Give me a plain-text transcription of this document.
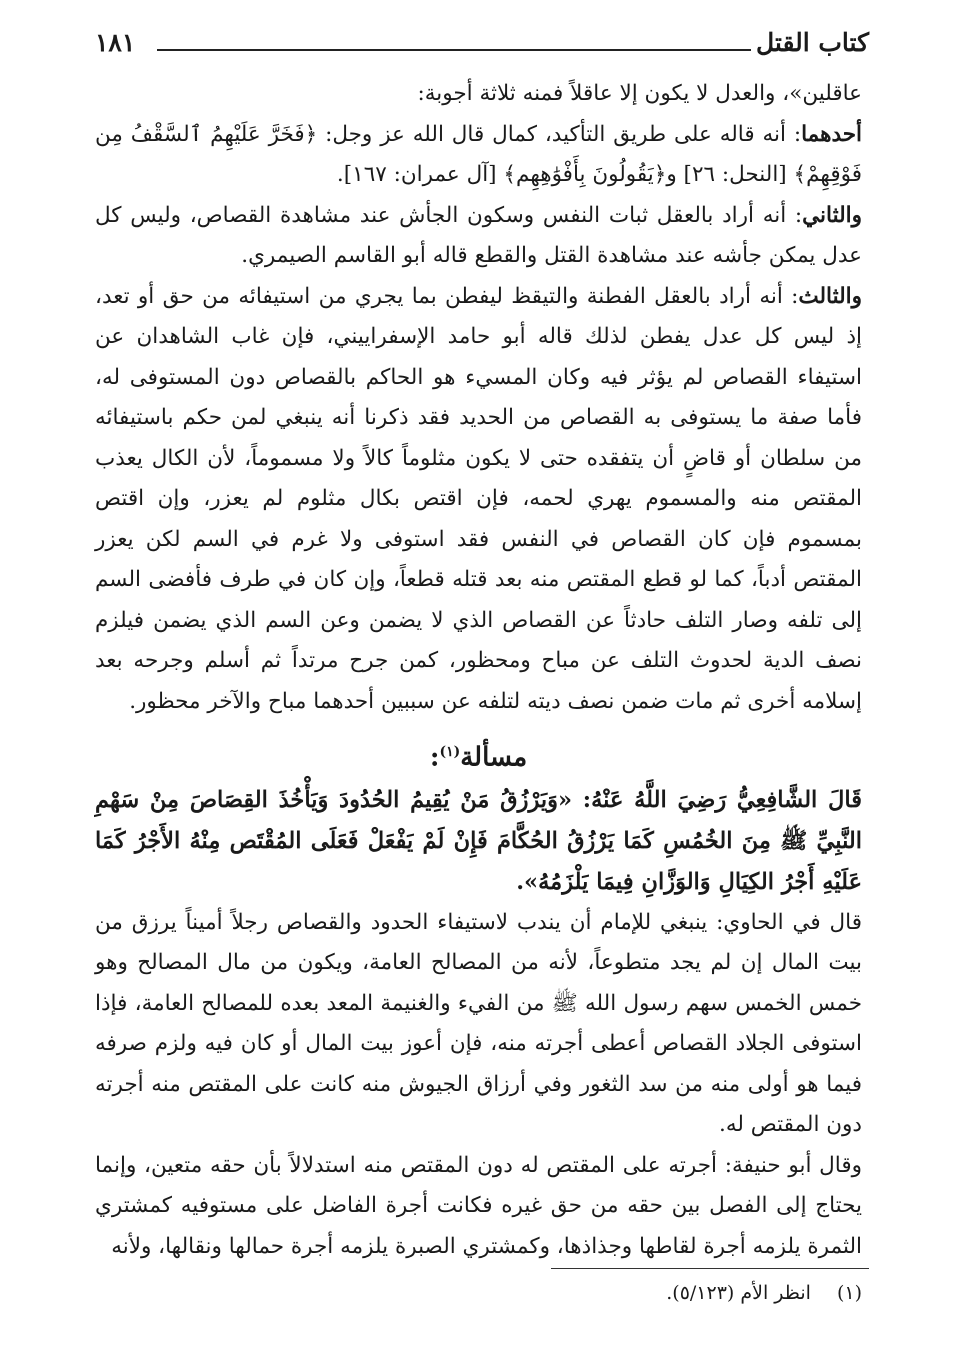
كتاب القتل
١٨١

عاقلين»، والعدل لا يكون إلا عاقلاً فمنه ثلاثة أجوبة:

أحدهما: أنه قاله على طريق التأكيد، كمال قال الله عز وجل: ﴿فَخَرَّ عَلَيْهِمُ ٱلسَّقْفُ مِن فَوْقِهِمْ﴾ [النحل: ٢٦] و﴿يَقُولُونَ بِأَفْوَٰهِهِم﴾ [آل عمران: ١٦٧].

والثاني: أنه أراد بالعقل ثبات النفس وسكون الجأش عند مشاهدة القصاص، وليس كل عدل يمكن جأشه عند مشاهدة القتل والقطع قاله أبو القاسم الصيمري.

والثالث: أنه أراد بالعقل الفطنة والتيقظ ليفطن بما يجري من استيفائه من حق أو تعد، إذ ليس كل عدل يفطن لذلك قاله أبو حامد الإسفراييني، فإن غاب الشاهدان عن استيفاء القصاص لم يؤثر فيه وكان المسيء هو الحاكم بالقصاص دون المستوفى له، فأما صفة ما يستوفى به القصاص من الحديد فقد ذكرنا أنه ينبغي لمن حكم باستيفائه من سلطان أو قاضٍ أن يتفقده حتى لا يكون مثلوماً كالاً ولا مسموماً، لأن الكال يعذب المقتص منه والمسموم يهري لحمه، فإن اقتص بكال مثلوم لم يعزر، وإن اقتص بمسموم فإن كان القصاص في النفس فقد استوفى ولا غرم في السم لكن يعزر المقتص أدباً، كما لو قطع المقتص منه بعد قتله قطعاً، وإن كان في طرف فأفضى السم إلى تلفه وصار التلف حادثاً عن القصاص الذي لا يضمن وعن السم الذي يضمن فيلزم نصف الدية لحدوث التلف عن مباح ومحظور، كمن جرح مرتداً ثم أسلم وجرحه بعد إسلامه أخرى ثم مات ضمن نصف ديته لتلفه عن سببين أحدهما مباح والآخر محظور.

مسألة$^{(١)}$:

قَالَ الشَّافِعِيُّ رَضِيَ اللَّهُ عَنْهُ: «وَيَرْزُقُ مَنْ يُقِيمُ الحُدُودَ وَيَأْخُذَ القِصَاصَ مِنْ سَهْمِ النَّبِيِّ ﷺ مِنَ الخُمُسِ كَمَا يَرْزُقُ الحُكَّامَ فَإِنْ لَمْ يَفْعَلْ فَعَلَى المُقْتَص مِنْهُ الأَجْرُ كَمَا عَلَيْهِ أَجْرُ الكِيَالِ وَالوَزَّانِ فِيمَا يَلْزَمُهُ».

قال في الحاوي: ينبغي للإمام أن يندب لاستيفاء الحدود والقصاص رجلاً أميناً يرزق من بيت المال إن لم يجد متطوعاً، لأنه من المصالح العامة، ويكون من مال المصالح وهو خمس الخمس سهم رسول الله ﷺ من الفيء والغنيمة المعد بعده للمصالح العامة، فإذا استوفى الجلاد القصاص أعطى أجرته منه، فإن أعوز بيت المال أو كان فيه ولزم صرفه فيما هو أولى منه من سد الثغور وفي أرزاق الجيوش منه كانت على المقتص منه أجرته دون المقتص له.

وقال أبو حنيفة: أجرته على المقتص له دون المقتص منه استدلالاً بأن حقه متعين، وإنما يحتاج إلى الفصل بين حقه من حق غيره فكانت أجرة الفاضل على مستوفيه كمشتري الثمرة يلزمه أجرة لقاطها وجذاذها، وكمشتري الصبرة يلزمه أجرة حمالها ونقالها، ولأنه

(١)انظر الأم (٥/١٢٣).
